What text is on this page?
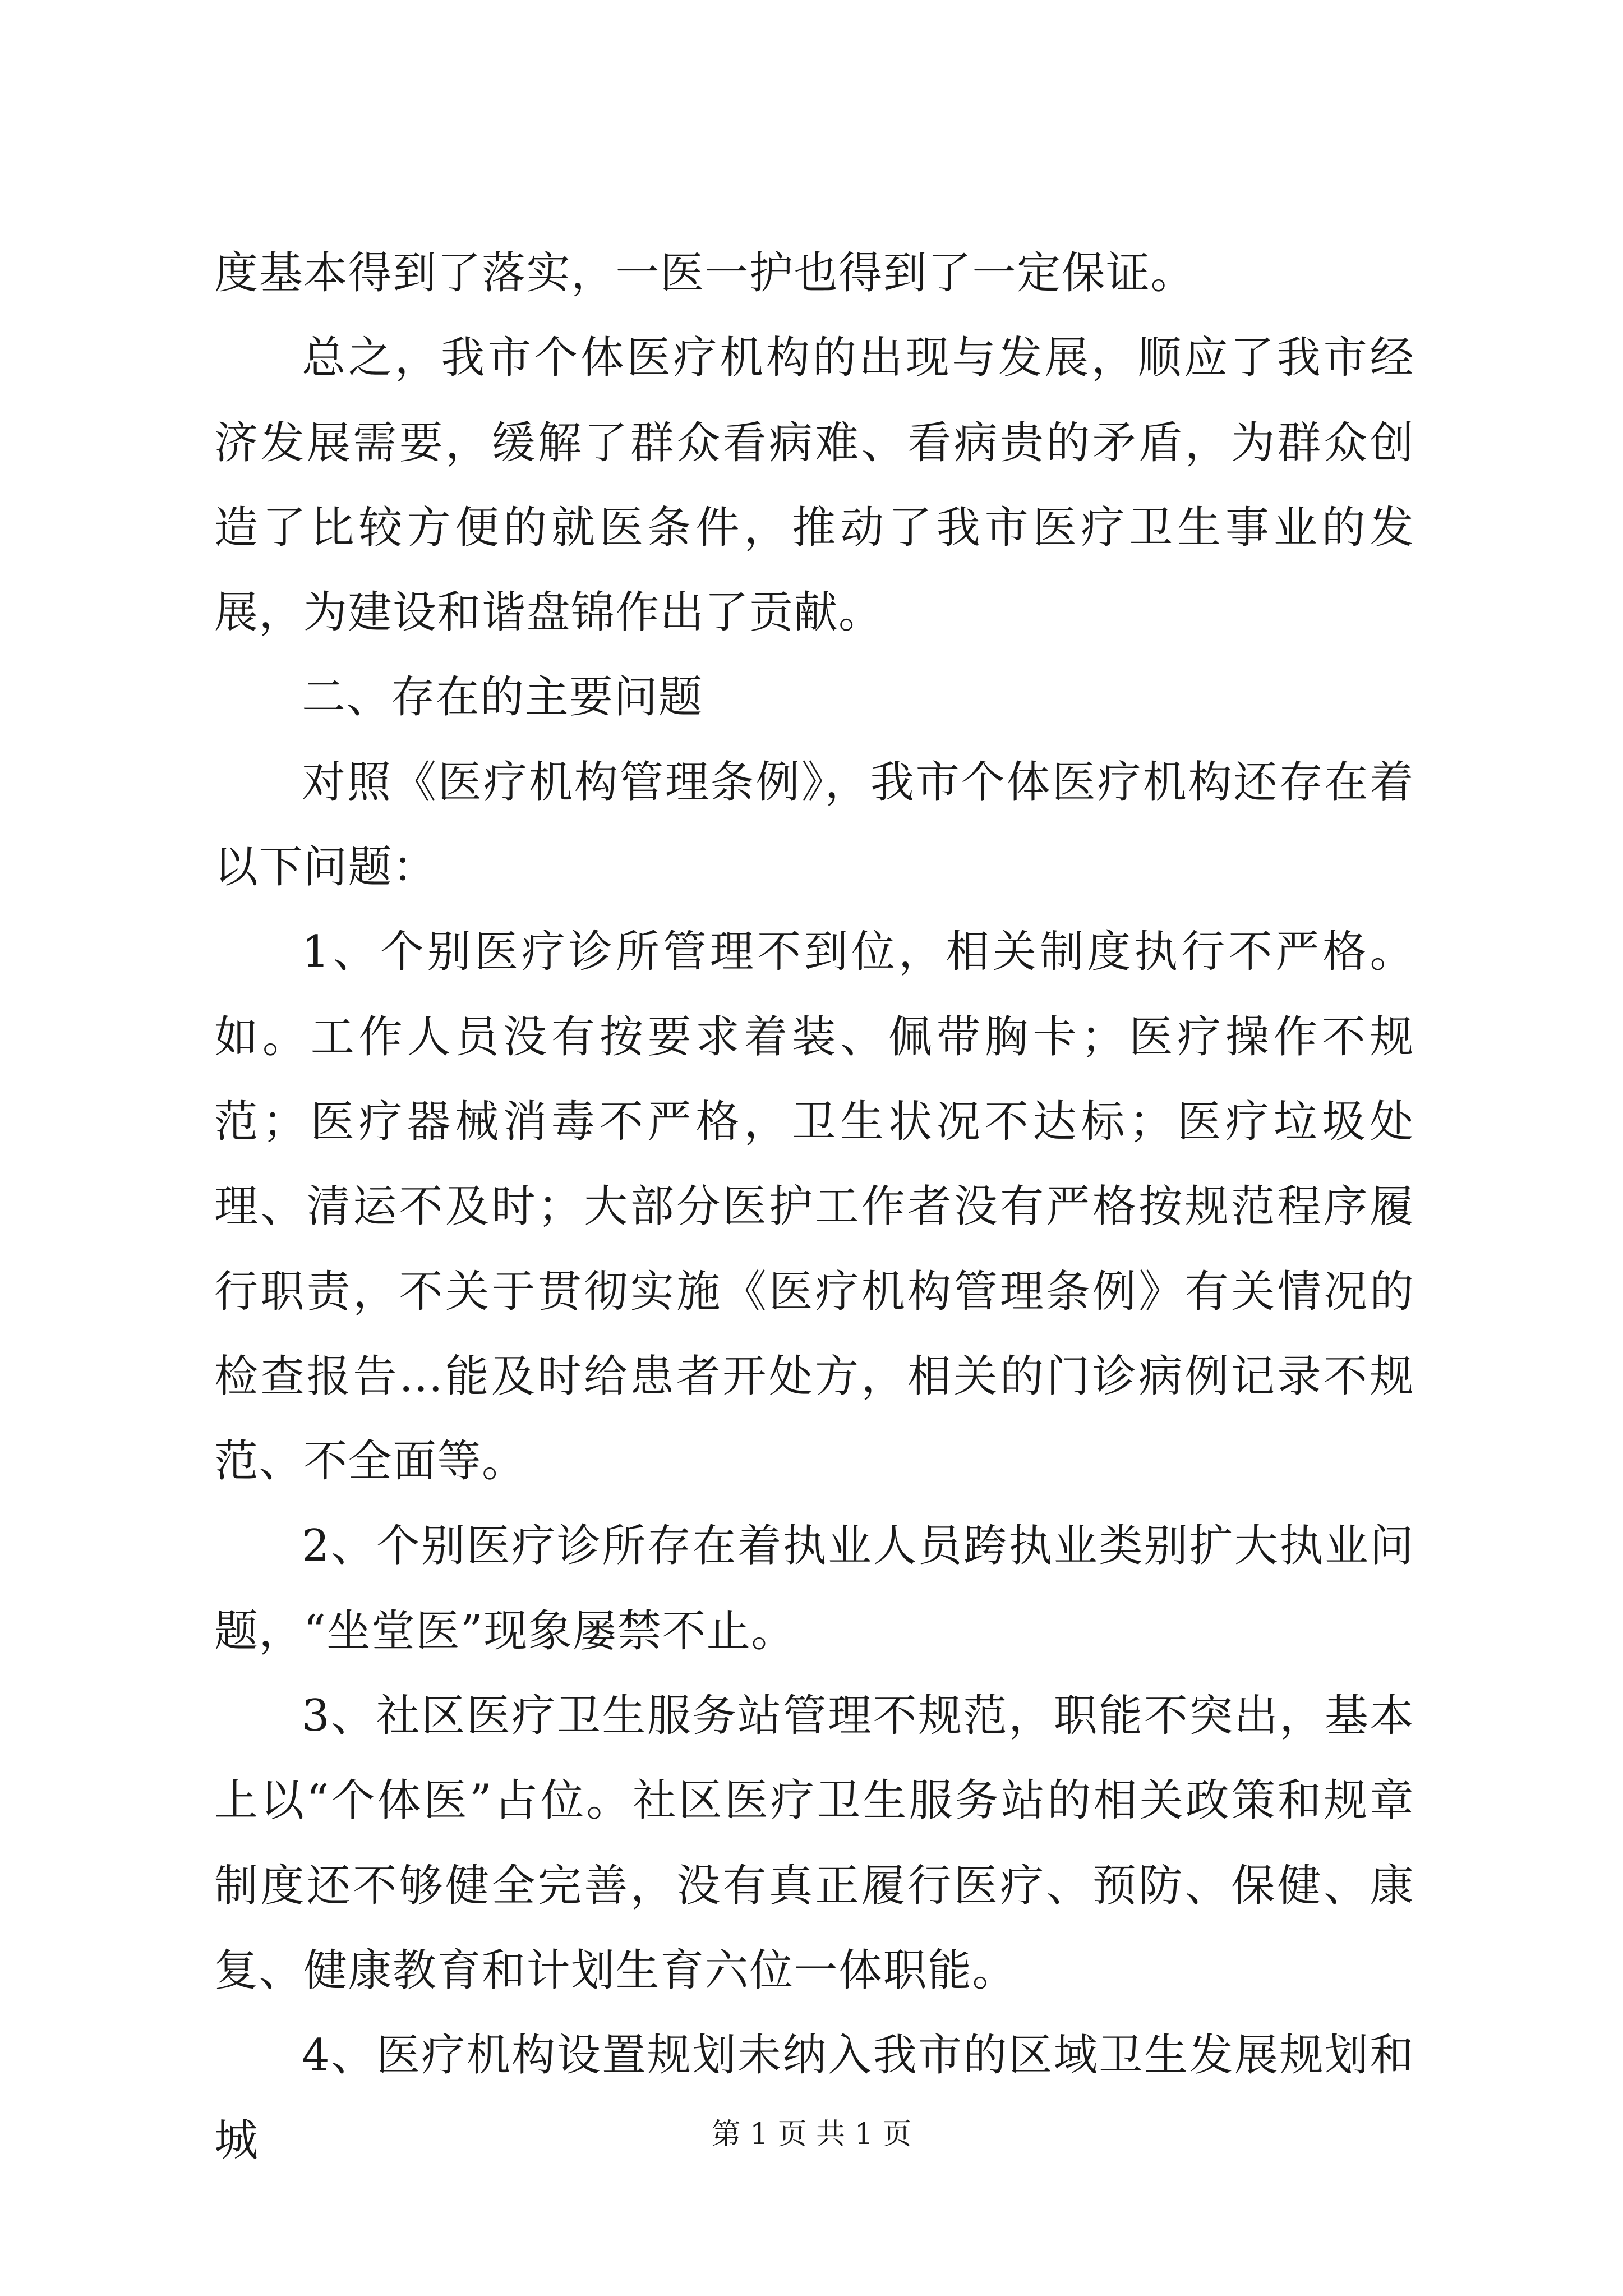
度基本得到了落实，一医一护也得到了一定保证。

总之，我市个体医疗机构的出现与发展，顺应了我市经济发展需要，缓解了群众看病难、看病贵的矛盾，为群众创造了比较方便的就医条件，推动了我市医疗卫生事业的发展，为建设和谐盘锦作出了贡献。

二、存在的主要问题

对照《医疗机构管理条例》，我市个体医疗机构还存在着以下问题：

1、个别医疗诊所管理不到位，相关制度执行不严格。如。工作人员没有按要求着装、佩带胸卡；医疗操作不规范；医疗器械消毒不严格，卫生状况不达标；医疗垃圾处理、清运不及时；大部分医护工作者没有严格按规范程序履行职责，不关于贯彻实施《医疗机构管理条例》有关情况的检查报告...能及时给患者开处方，相关的门诊病例记录不规范、不全面等。

2、个别医疗诊所存在着执业人员跨执业类别扩大执业问题，“坐堂医”现象屡禁不止。

3、社区医疗卫生服务站管理不规范，职能不突出，基本上以“个体医”占位。社区医疗卫生服务站的相关政策和规章制度还不够健全完善，没有真正履行医疗、预防、保健、康复、健康教育和计划生育六位一体职能。

4、医疗机构设置规划未纳入我市的区域卫生发展规划和城	第 1 页 共 1 页
